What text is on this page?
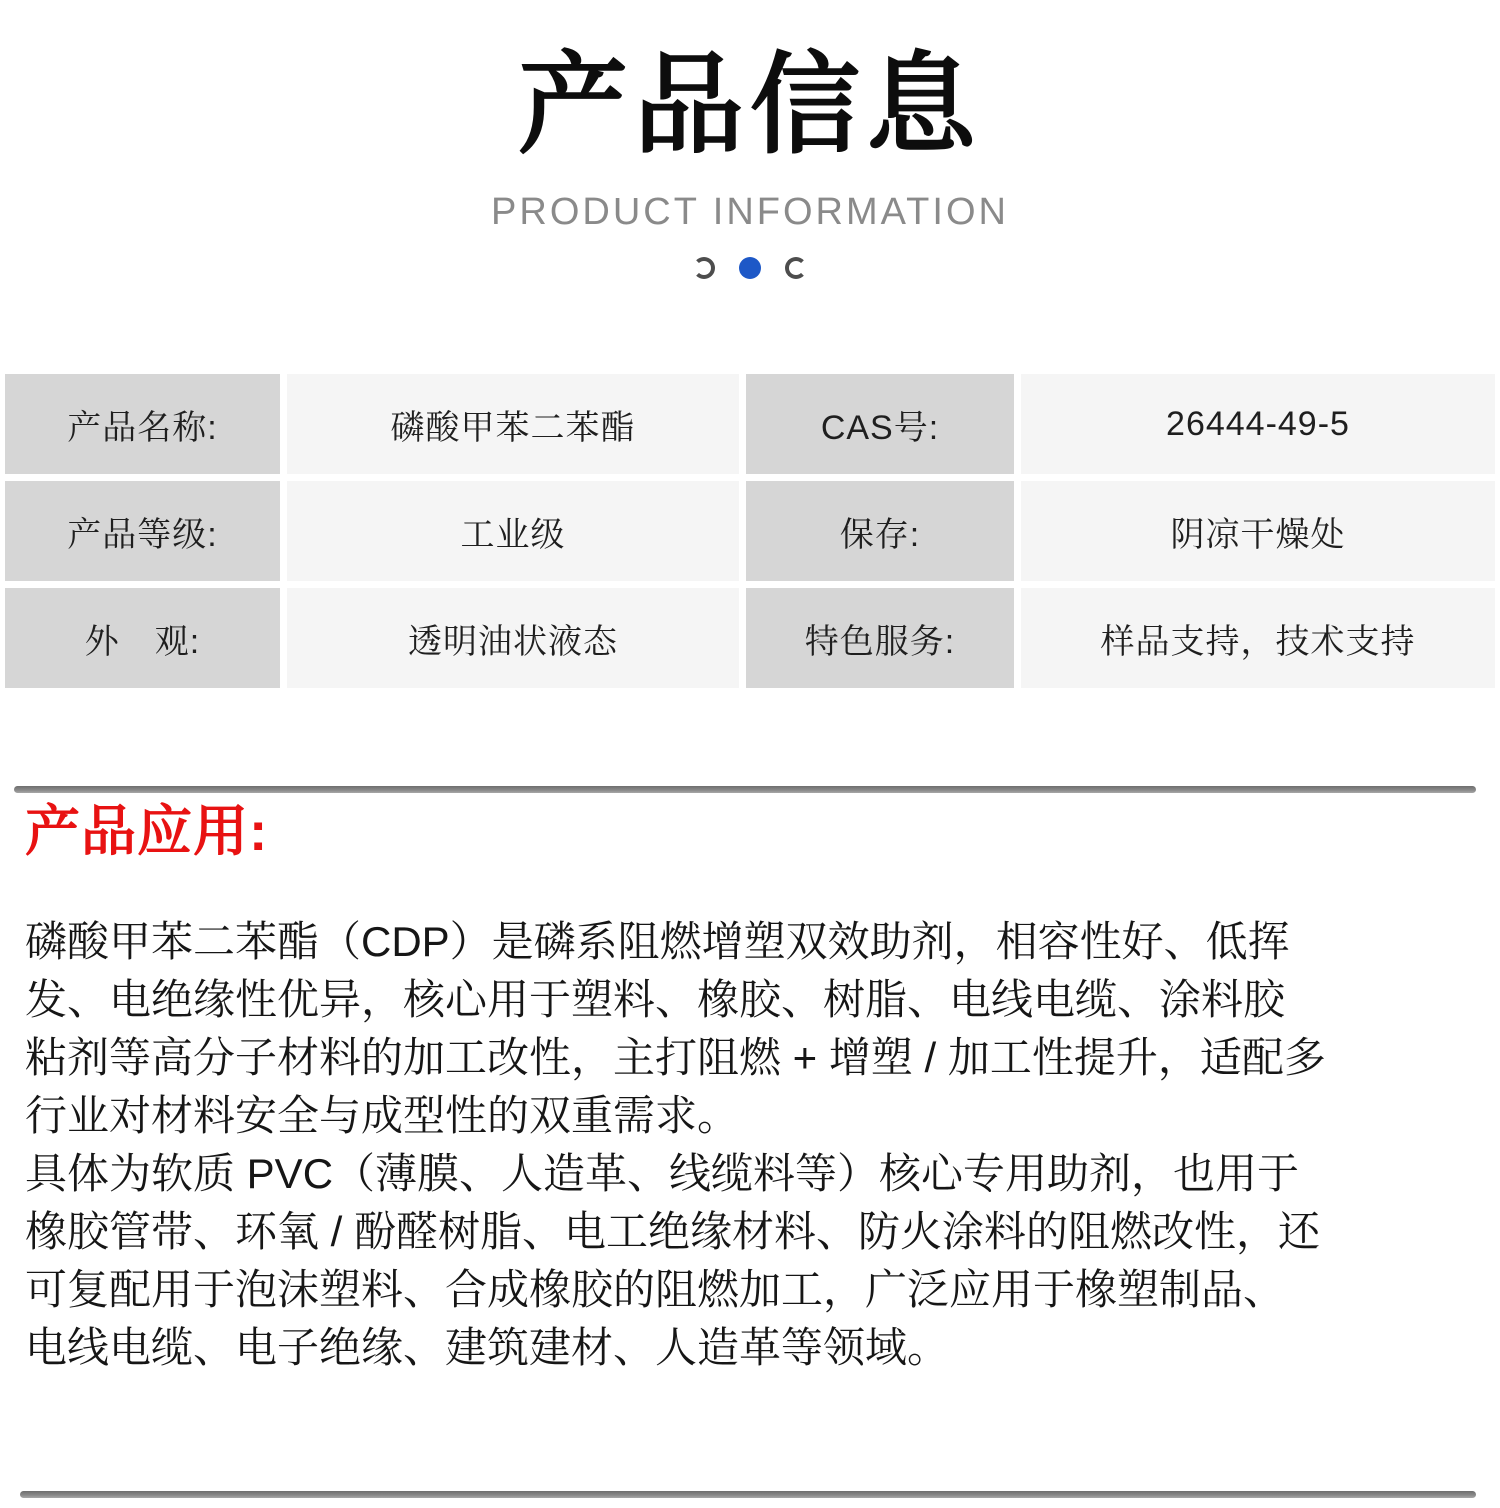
产品信息
PRODUCT INFORMATION
产品名称:	磷酸甲苯二苯酯	CAS号:	26444-49-5
产品等级:	工业级	保存:	阴凉干燥处
外　观:	透明油状液态	特色服务:	样品支持，技术支持
产品应用:
磷酸甲苯二苯酯（CDP）是磷系阻燃增塑双效助剂，相容性好、低挥
发、电绝缘性优异，核心用于塑料、橡胶、树脂、电线电缆、涂料胶
粘剂等高分子材料的加工改性，主打阻燃 + 增塑 / 加工性提升，适配多
行业对材料安全与成型性的双重需求。
具体为软质 PVC（薄膜、人造革、线缆料等）核心专用助剂，也用于
橡胶管带、环氧 / 酚醛树脂、电工绝缘材料、防火涂料的阻燃改性，还
可复配用于泡沫塑料、合成橡胶的阻燃加工，广泛应用于橡塑制品、
电线电缆、电子绝缘、建筑建材、人造革等领域。
